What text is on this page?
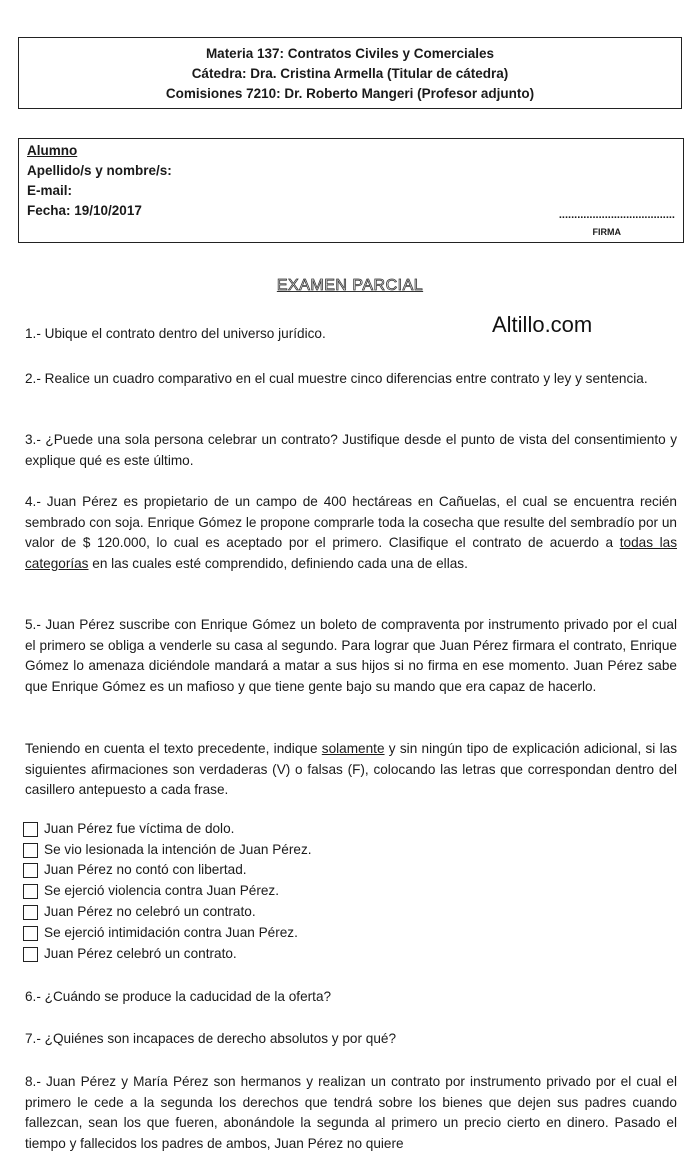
Materia 137: Contratos Civiles y Comerciales
Cátedra: Dra. Cristina Armella (Titular de cátedra)
Comisiones 7210: Dr. Roberto Mangeri (Profesor adjunto)
Alumno
Apellido/s y nombre/s:
E-mail:
Fecha: 19/10/2017	......................................
FIRMA
EXAMEN PARCIAL
Altillo.com

1.- Ubique el contrato dentro del universo jurídico.

2.- Realice un cuadro comparativo en el cual muestre cinco diferencias entre contrato y ley y sentencia.

3.- ¿Puede una sola persona celebrar un contrato? Justifique desde el punto de vista del consentimiento y explique qué es este último.

4.- Juan Pérez es propietario de un campo de 400 hectáreas en Cañuelas, el cual se encuentra recién sembrado con soja. Enrique Gómez le propone comprarle toda la cosecha que resulte del sembradío por un valor de $ 120.000, lo cual es aceptado por el primero. Clasifique el contrato de acuerdo a todas las categorías en las cuales esté comprendido, definiendo cada una de ellas.

5.- Juan Pérez suscribe con Enrique Gómez un boleto de compraventa por instrumento privado por el cual el primero se obliga a venderle su casa al segundo. Para lograr que Juan Pérez firmara el contrato, Enrique Gómez lo amenaza diciéndole mandará a matar a sus hijos si no firma en ese momento. Juan Pérez sabe que Enrique Gómez es un mafioso y que tiene gente bajo su mando que era capaz de hacerlo.

Teniendo en cuenta el texto precedente, indique solamente y sin ningún tipo de explicación adicional, si las siguientes afirmaciones son verdaderas (V) o falsas (F), colocando las letras que correspondan dentro del casillero antepuesto a cada frase.

Juan Pérez fue víctima de dolo.
Se vio lesionada la intención de Juan Pérez.
Juan Pérez no contó con libertad.
Se ejerció violencia contra Juan Pérez.
Juan Pérez no celebró un contrato.
Se ejerció intimidación contra Juan Pérez.
Juan Pérez celebró un contrato.

6.- ¿Cuándo se produce la caducidad de la oferta?

7.- ¿Quiénes son incapaces de derecho absolutos y por qué?

8.- Juan Pérez y María Pérez son hermanos y realizan un contrato por instrumento privado por el cual el primero le cede a la segunda los derechos que tendrá sobre los bienes que dejen sus padres cuando fallezcan, sean los que fueren, abonándole la segunda al primero un precio cierto en dinero. Pasado el tiempo y fallecidos los padres de ambos, Juan Pérez no quiere
